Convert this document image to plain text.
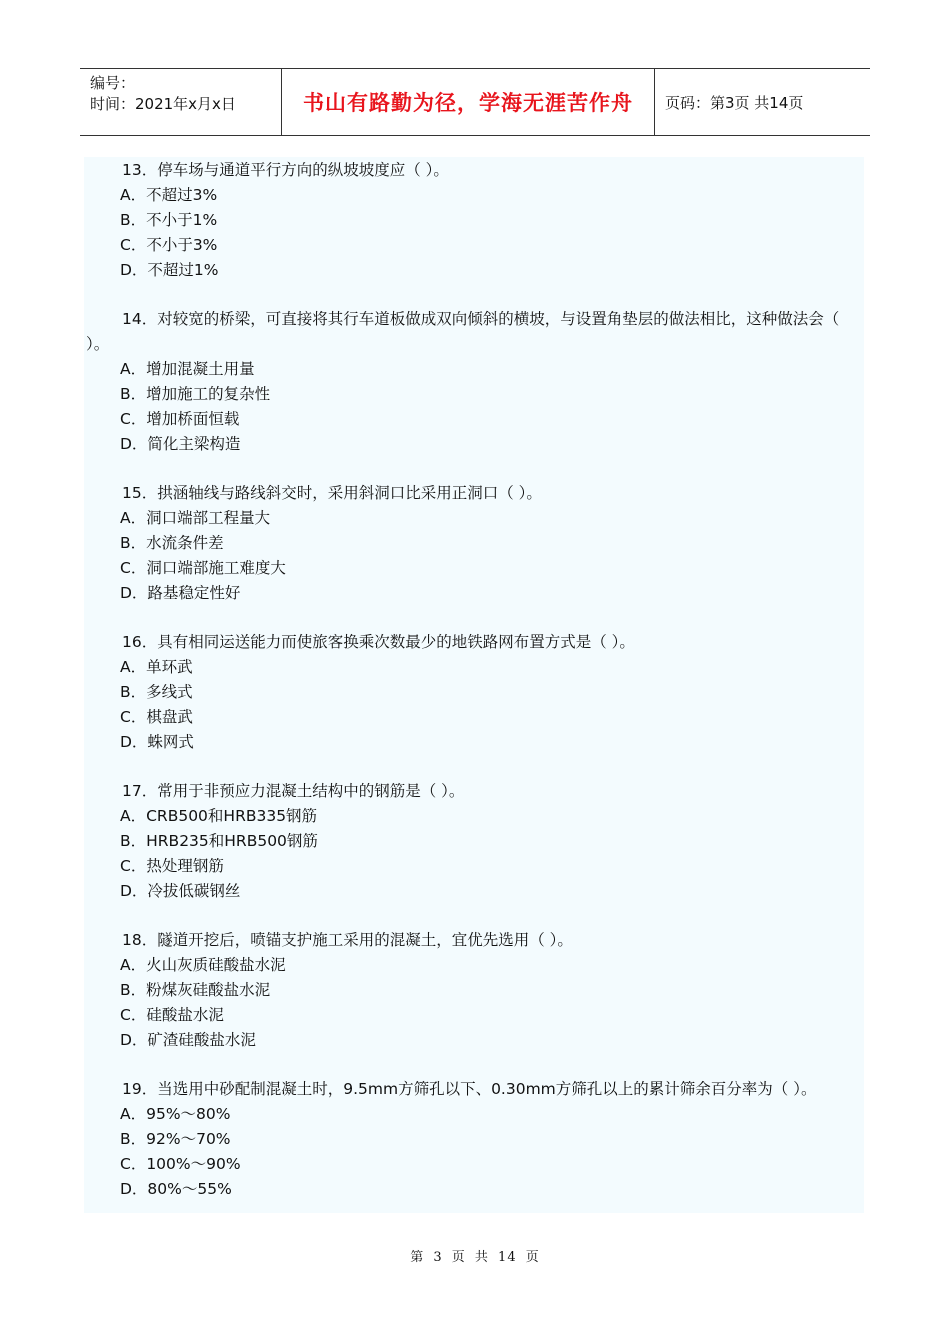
编号：
时间：2021年x月x日	书山有路勤为径，学海无涯苦作舟	页码：第3页 共14页

13．停车场与通道平行方向的纵坡坡度应（ ）。

A．不超过3%

B．不小于1%

C．不小于3%

D．不超过1%

14．对较宽的桥梁，可直接将其行车道板做成双向倾斜的横坡，与设置角垫层的做法相比，这种做法会（ ）。

A．增加混凝土用量

B．增加施工的复杂性

C．增加桥面恒载

D．简化主梁构造

15．拱涵轴线与路线斜交时，采用斜洞口比采用正洞口（ ）。

A．洞口端部工程量大

B．水流条件差

C．洞口端部施工难度大

D．路基稳定性好

16．具有相同运送能力而使旅客换乘次数最少的地铁路网布置方式是（ ）。

A．单环武

B．多线式

C．棋盘武

D．蛛网式

17．常用于非预应力混凝土结构中的钢筋是（ ）。

A．CRB500和HRB335钢筋

B．HRB235和HRB500钢筋

C．热处理钢筋

D．冷拔低碳钢丝

18．隧道开挖后，喷锚支护施工采用的混凝土，宜优先选用（ ）。

A．火山灰质硅酸盐水泥

B．粉煤灰硅酸盐水泥

C．硅酸盐水泥

D．矿渣硅酸盐水泥

19．当选用中砂配制混凝土时，9.5mm方筛孔以下、0.30mm方筛孔以上的累计筛余百分率为（ ）。

A．95%～80%

B．92%～70%

C．100%～90%

D．80%～55%

第 3 页 共 14 页
